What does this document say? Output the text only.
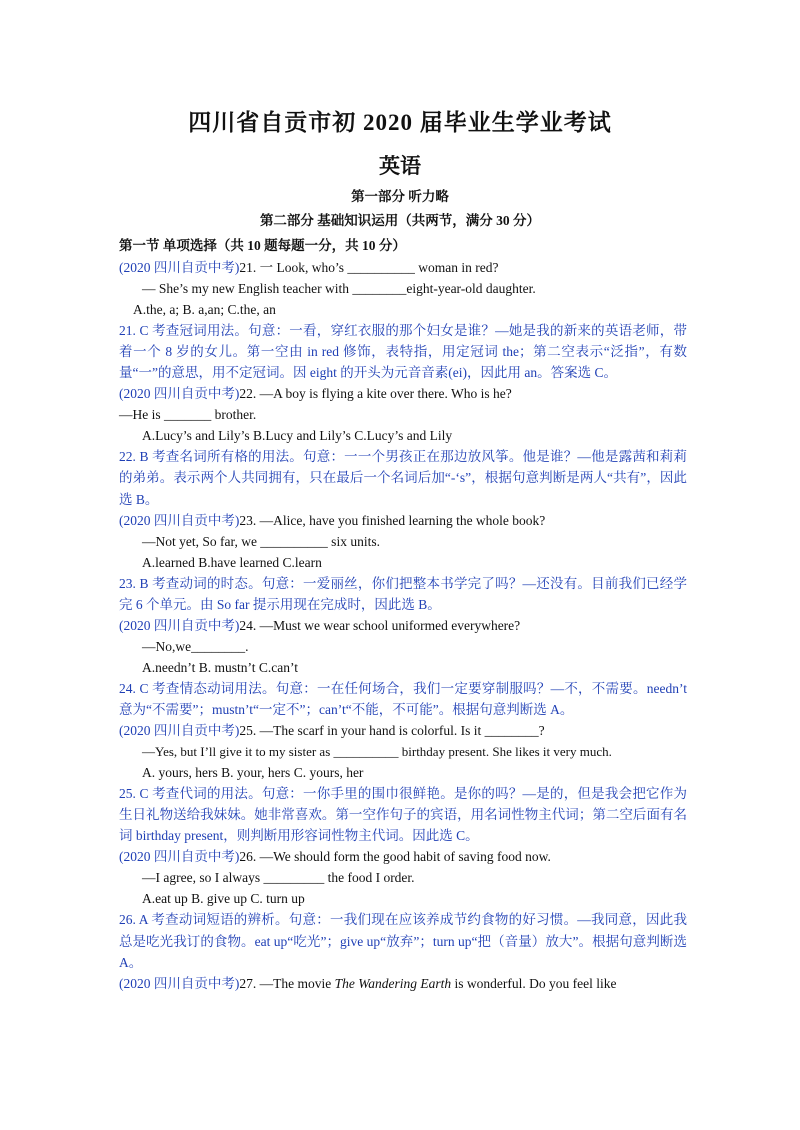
四川省自贡市初 2020 届毕业生学业考试
英语
第一部分 听力略
第二部分 基础知识运用（共两节，满分 30 分）
第一节 单项选择（共 10 题每题一分，共 10 分）
(2020 四川自贡中考)21. 一 Look, who’s __________ woman in red?
— She’s my new English teacher with ________eight-year-old daughter.
A.the, a; B. a,an; C.the, an
21. C 考查冠词用法。句意：一看，穿红衣服的那个妇女是谁？—她是我的新来的英语老师，带着一个 8 岁的女儿。第一空由 in red 修饰，表特指，用定冠词 the；第二空表示“泛指”，有数量“一”的意思，用不定冠词。因 eight 的开头为元音音素(ei)，因此用 an。答案选 C。
(2020 四川自贡中考)22. —A boy is flying a kite over there. Who is he?
—He is _______ brother.
A.Lucy’s and Lily’s B.Lucy and Lily’s C.Lucy’s and Lily
22. B 考查名词所有格的用法。句意：一一个男孩正在那边放风筝。他是谁？—他是露茜和莉莉的弟弟。表示两个人共同拥有，只在最后一个名词后加“-‘s”，根据句意判断是两人“共有”，因此选 B。
(2020 四川自贡中考)23. —Alice, have you finished learning the whole book?
—Not yet, So far, we __________ six units.
A.learned B.have learned C.learn
23. B 考查动词的时态。句意：一爱丽丝，你们把整本书学完了吗？—还没有。目前我们已经学完 6 个单元。由 So far 提示用现在完成时，因此选 B。
(2020 四川自贡中考)24. —Must we wear school uniformed everywhere?
—No,we________.
A.needn’t B. mustn’t C.can’t
24. C 考查情态动词用法。句意：一在任何场合，我们一定要穿制服吗？—不，不需要。needn’t 意为“不需要”；mustn’t“一定不”；can’t“不能，不可能”。根据句意判断选 A。
(2020 四川自贡中考)25. —The scarf in your hand is colorful. Is it ________?
—Yes, but I’ll give it to my sister as __________ birthday present. She likes it very much.
A. yours, hers B. your, hers C. yours, her
25. C 考查代词的用法。句意：一你手里的围巾很鲜艳。是你的吗？—是的，但是我会把它作为生日礼物送给我妹妹。她非常喜欢。第一空作句子的宾语，用名词性物主代词；第二空后面有名词 birthday present，则判断用形容词性物主代词。因此选 C。
(2020 四川自贡中考)26. —We should form the good habit of saving food now.
—I agree, so I always _________ the food I order.
A.eat up B. give up C. turn up
26. A 考查动词短语的辨析。句意：一我们现在应该养成节约食物的好习惯。—我同意，因此我总是吃光我订的食物。eat up“吃光”；give up“放弃”；turn up“把（音量）放大”。根据句意判断选 A。
(2020 四川自贡中考)27. —The movie The Wandering Earth is wonderful. Do you feel like
